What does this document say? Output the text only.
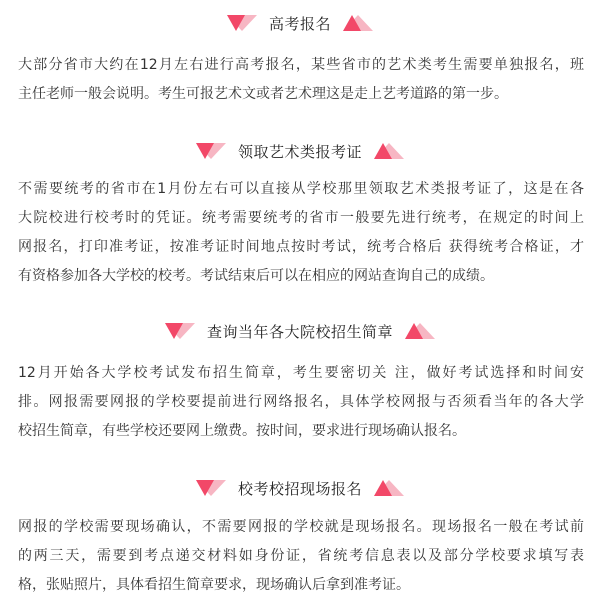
高考报名
大部分省市大约在12月左右进行高考报名，某些省市的艺术类考生需要单独报名，班
主任老师一般会说明。考生可报艺术文或者艺术理这是走上艺考道路的第一步。
领取艺术类报考证
不需要统考的省市在1月份左右可以直接从学校那里领取艺术类报考证了，这是在各
大院校进行校考时的凭证。统考需要统考的省市一般要先进行统考，在规定的时间上
网报名，打印准考证，按准考证时间地点按时考试，统考合格后 获得统考合格证，才
有资格参加各大学校的校考。考试结束后可以在相应的网站查询自己的成绩。
查询当年各大院校招生简章
12月开始各大学校考试发布招生简章，考生要密切关 注，做好考试选择和时间安
排。网报需要网报的学校要提前进行网络报名，具体学校网报与否须看当年的各大学
校招生简章，有些学校还要网上缴费。按时间，要求进行现场确认报名。
校考校招现场报名
网报的学校需要现场确认，不需要网报的学校就是现场报名。现场报名一般在考试前
的两三天，需要到考点递交材料如身份证，省统考信息表以及部分学校要求填写表
格，张贴照片，具体看招生简章要求，现场确认后拿到准考证。
